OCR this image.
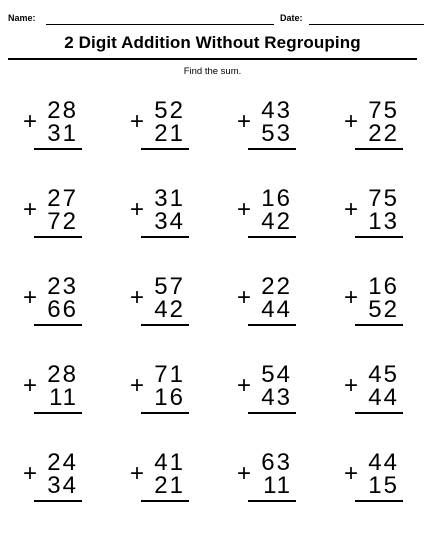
Name:	Date:
2 Digit Addition Without Regrouping
Find the sum.
28
+ 31
52
+ 21
43
+ 53
75
+ 22
27
+ 72
31
+ 34
16
+ 42
75
+ 13
23
+ 66
57
+ 42
22
+ 44
16
+ 52
28
+ 11
71
+ 16
54
+ 43
45
+ 44
24
+ 34
41
+ 21
63
+ 11
44
+ 15
